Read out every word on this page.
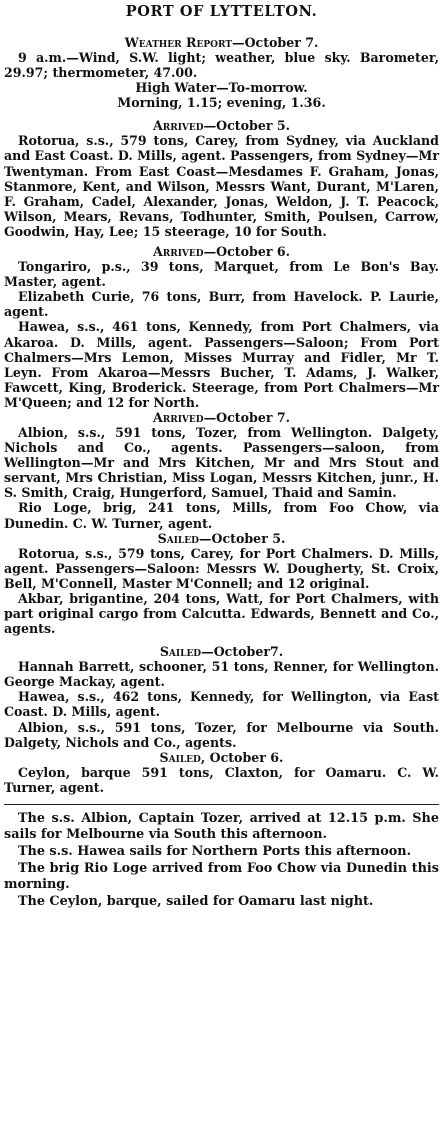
PORT OF LYTTELTON.
Weather Report—October 7.

9 a.m.—Wind, S.W. light; weather, blue sky. Barometer, 29.97; thermometer, 47.00.

High Water—To-morrow.

Morning, 1.15; evening, 1.36.

Arrived—October 5.

Rotorua, s.s., 579 tons, Carey, from Sydney, via Auckland and East Coast. D. Mills, agent. Passengers, from Sydney—Mr Twentyman. From East Coast—Mesdames F. Graham, Jonas, Stanmore, Kent, and Wilson, Messrs Want, Durant, M'Laren, F. Graham, Cadel, Alexander, Jonas, Weldon, J. T. Peacock, Wilson, Mears, Revans, Todhunter, Smith, Poulsen, Carrow, Goodwin, Hay, Lee; 15 steerage, 10 for South.

Arrived—October 6.

Tongariro, p.s., 39 tons, Marquet, from Le Bon's Bay. Master, agent.

Elizabeth Curie, 76 tons, Burr, from Havelock. P. Laurie, agent.

Hawea, s.s., 461 tons, Kennedy, from Port Chalmers, via Akaroa. D. Mills, agent. Passengers—Saloon; From Port Chalmers—Mrs Lemon, Misses Murray and Fidler, Mr T. Leyn. From Akaroa—Messrs Bucher, T. Adams, J. Walker, Fawcett, King, Broderick. Steerage, from Port Chalmers—Mr M'Queen; and 12 for North.

Arrived—October 7.

Albion, s.s., 591 tons, Tozer, from Wellington. Dalgety, Nichols and Co., agents. Passengers—saloon, from Wellington—Mr and Mrs Kitchen, Mr and Mrs Stout and servant, Mrs Christian, Miss Logan, Messrs Kitchen, junr., H. S. Smith, Craig, Hungerford, Samuel, Thaid and Samin.

Rio Loge, brig, 241 tons, Mills, from Foo Chow, via Dunedin. C. W. Turner, agent.

Sailed—October 5.

Rotorua, s.s., 579 tons, Carey, for Port Chalmers. D. Mills, agent. Passengers—Saloon: Messrs W. Dougherty, St. Croix, Bell, M'Connell, Master M'Connell; and 12 original.

Akbar, brigantine, 204 tons, Watt, for Port Chalmers, with part original cargo from Calcutta. Edwards, Bennett and Co., agents.

Sailed—October7.

Hannah Barrett, schooner, 51 tons, Renner, for Wellington. George Mackay, agent.

Hawea, s.s., 462 tons, Kennedy, for Wellington, via East Coast. D. Mills, agent.

Albion, s.s., 591 tons, Tozer, for Melbourne via South. Dalgety, Nichols and Co., agents.

Sailed, October 6.

Ceylon, barque 591 tons, Claxton, for Oamaru. C. W. Turner, agent.

The s.s. Albion, Captain Tozer, arrived at 12.15 p.m. She sails for Melbourne via South this afternoon.

The s.s. Hawea sails for Northern Ports this afternoon.

The brig Rio Loge arrived from Foo Chow via Dunedin this morning.

The Ceylon, barque, sailed for Oamaru last night.
